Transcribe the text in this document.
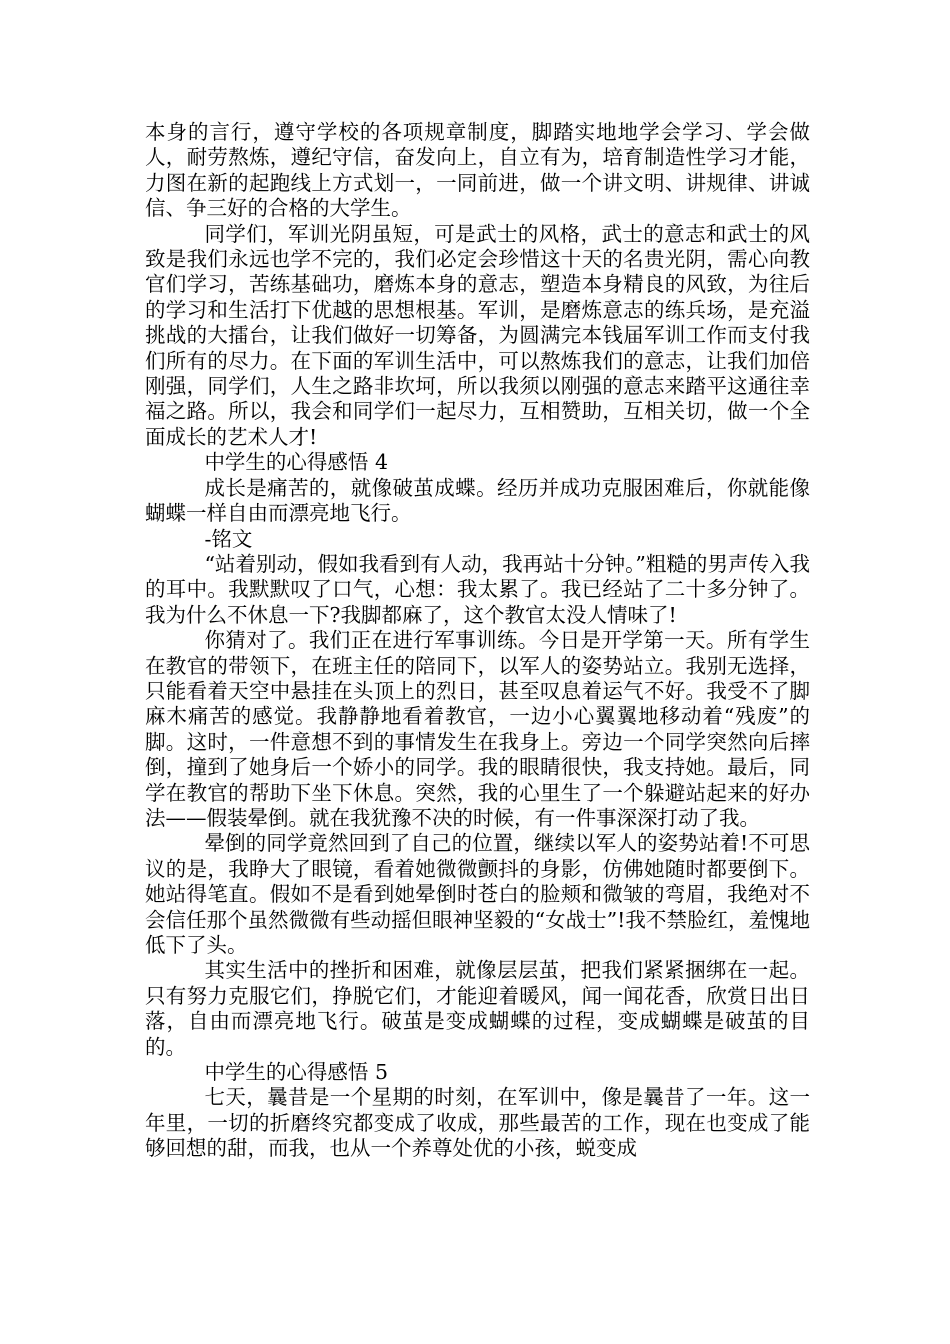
本身的言行，遵守学校的各项规章制度，脚踏实地地学会学习、学会做人，耐劳熬炼，遵纪守信，奋发向上，自立有为，培育制造性学习才能，力图在新的起跑线上方式划一，一同前进，做一个讲文明、讲规律、讲诚信、争三好的合格的大学生。

同学们，军训光阴虽短，可是武士的风格，武士的意志和武士的风致是我们永远也学不完的，我们必定会珍惜这十天的名贵光阴，需心向教官们学习，苦练基础功，磨炼本身的意志，塑造本身精良的风致，为往后的学习和生活打下优越的思想根基。军训，是磨炼意志的练兵场，是充溢挑战的大擂台，让我们做好一切筹备，为圆满完本钱届军训工作而支付我们所有的尽力。在下面的军训生活中，可以熬炼我们的意志，让我们加倍刚强，同学们，人生之路非坎坷，所以我须以刚强的意志来踏平这通往幸福之路。所以，我会和同学们一起尽力，互相赞助，互相关切，做一个全面成长的艺术人才!

中学生的心得感悟 4

成长是痛苦的，就像破茧成蝶。经历并成功克服困难后，你就能像蝴蝶一样自由而漂亮地飞行。

-铭文

“站着别动，假如我看到有人动，我再站十分钟。”粗糙的男声传入我的耳中。我默默叹了口气，心想：我太累了。我已经站了二十多分钟了。我为什么不休息一下?我脚都麻了，这个教官太没人情味了!

你猜对了。我们正在进行军事训练。今日是开学第一天。所有学生在教官的带领下，在班主任的陪同下，以军人的姿势站立。我别无选择，只能看着天空中悬挂在头顶上的烈日，甚至叹息着运气不好。我受不了脚麻木痛苦的感觉。我静静地看着教官，一边小心翼翼地移动着“残废”的脚。这时，一件意想不到的事情发生在我身上。旁边一个同学突然向后摔倒，撞到了她身后一个娇小的同学。我的眼睛很快，我支持她。最后，同学在教官的帮助下坐下休息。突然，我的心里生了一个躲避站起来的好办法——假装晕倒。就在我犹豫不决的时候，有一件事深深打动了我。

晕倒的同学竟然回到了自己的位置，继续以军人的姿势站着!不可思议的是，我睁大了眼镜，看着她微微颤抖的身影，仿佛她随时都要倒下。她站得笔直。假如不是看到她晕倒时苍白的脸颊和微皱的弯眉，我绝对不会信任那个虽然微微有些动摇但眼神坚毅的“女战士”!我不禁脸红，羞愧地低下了头。

其实生活中的挫折和困难，就像层层茧，把我们紧紧捆绑在一起。只有努力克服它们，挣脱它们，才能迎着暖风，闻一闻花香，欣赏日出日落，自由而漂亮地飞行。破茧是变成蝴蝶的过程，变成蝴蝶是破茧的目的。

中学生的心得感悟 5

七天，曩昔是一个星期的时刻，在军训中，像是曩昔了一年。这一年里，一切的折磨终究都变成了收成，那些最苦的工作，现在也变成了能够回想的甜，而我，也从一个养尊处优的小孩，蜕变成
